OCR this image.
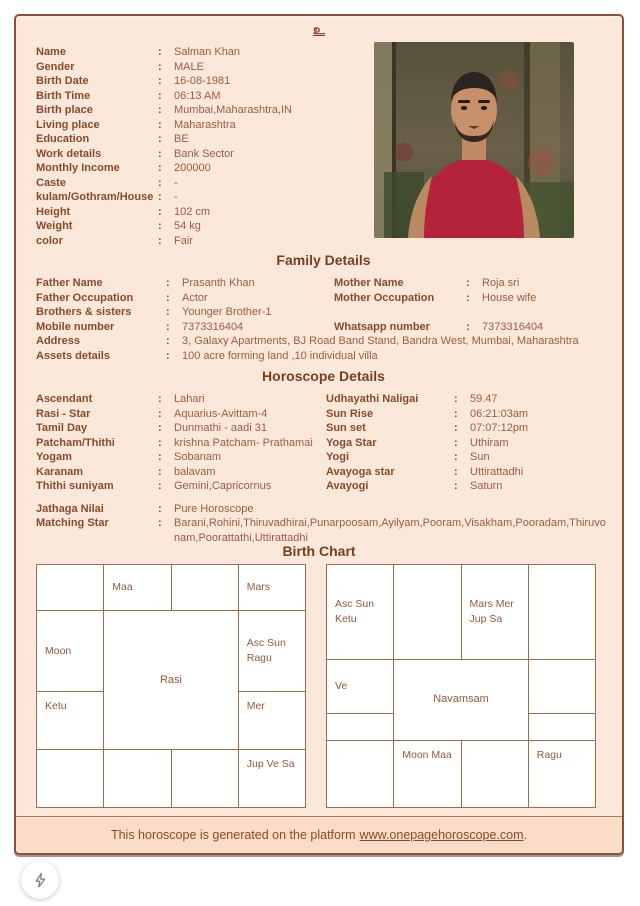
உ
Name	:	Salman Khan
Gender	:	MALE
Birth Date	:	16-08-1981
Birth Time	:	06:13 AM
Birth place	:	Mumbai,Maharashtra,IN
Living place	:	Maharashtra
Education	:	BE
Work details	:	Bank Sector
Monthly Income	:	200000
Caste	:	-
kulam/Gothram/House :	-
Height	:	102 cm
Weight	:	54 kg
color	:	Fair
Family Details
Father Name	:	Prasanth Khan	Mother Name	:	Roja sri
Father Occupation	:	Actor	Mother Occupation	:	House wife
Brothers & sisters	:	Younger Brother-1
Mobile number	:	7373316404	Whatsapp number	:	7373316404
Address	:	3, Galaxy Apartments, BJ Road Band Stand, Bandra West, Mumbai, Maharashtra
Assets details	:	100 acre forming land ,10 individual villa
Horoscope Details
Ascendant	:	Lahari	Udhayathi Naligai	:	59.47
Rasi - Star	:	Aquarius-Avittam-4	Sun Rise	:	06:21:03am
Tamil Day	:	Dunmathi - aadi 31	Sun set	:	07:07:12pm
Patcham/Thithi	:	krishna Patcham- Prathamai	Yoga Star	:	Uthiram
Yogam	:	Sobanam	Yogi	:	Sun
Karanam	:	balavam	Avayoga star	:	Uttirattadhi
Thithi suniyam	:	Gemini,Capricornus	Avayogi	:	Saturn
Jathaga Nilai	:	Pure Horoscope
Matching Star	:	Barani,Rohini,Thiruvadhirai,Punarpoosam,Ayilyam,Pooram,Visakham,Pooradam,Thiruvonam,Poorattathi,Uttirattadhi
Birth Chart
	Maa		Mars
Moon	Rasi		Asc Sun Ragu
Ketu			Mer
			Jup Ve Sa
Asc Sun Ketu		Mars Mer Jup Sa	
Ve	Navamsam		

	Moon Maa		Ragu
This horoscope is generated on the platform www.onepagehoroscope.com .
